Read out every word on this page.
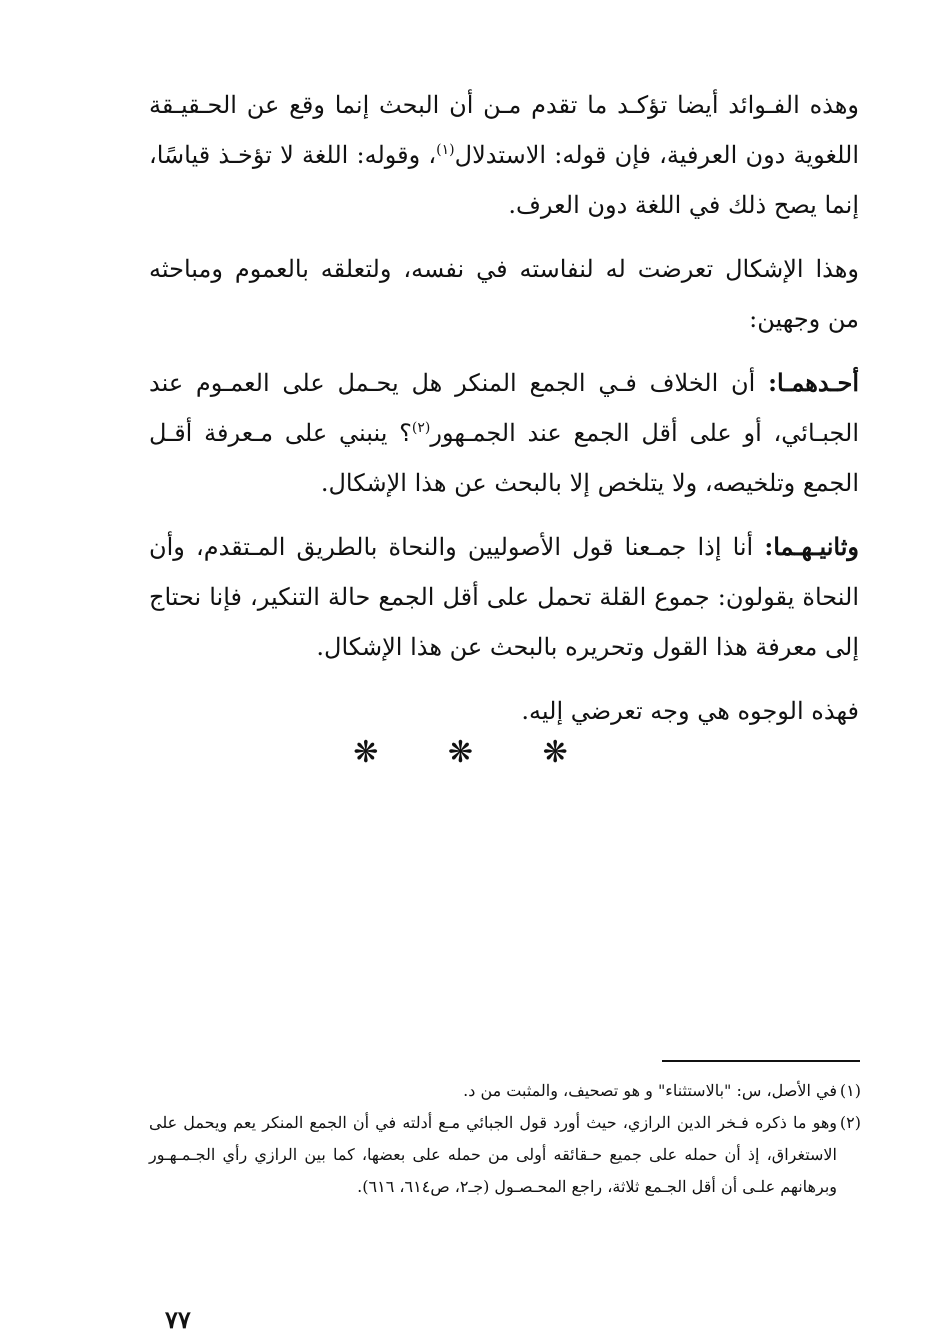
وهذه الفـوائد أيضا تؤكـد ما تقدم مـن أن البحث إنما وقع عن الحـقيـقة اللغوية دون العرفية، فإن قوله: الاستدلال$^{(١)}$، وقوله: اللغة لا تؤخـذ قياسًا، إنما يصح ذلك في اللغة دون العرف.

وهذا الإشكال تعرضت له لنفاسته في نفسه، ولتعلقه بالعموم ومباحثه من وجهين:

أحـدهمـا: أن الخلاف فـي الجمع المنكر هل يحـمل على العمـوم عند الجبـائي، أو على أقل الجمع عند الجمـهور$^{(٢)}$؟ ينبني على مـعرفة أقـل الجمع وتلخيصه، ولا يتلخص إلا بالبحث عن هذا الإشكال.

وثانيـهـما: أنا إذا جمـعنا قول الأصوليين والنحاة بالطريق المـتقدم، وأن النحاة يقولون: جموع القلة تحمل على أقل الجمع حالة التنكير، فإنا نحتاج إلى معرفة هذا القول وتحريره بالبحث عن هذا الإشكال.

فهذه الوجوه هي وجه تعرضي إليه.

❋ ❋ ❋

(١)
في الأصل، س: "بالاستثناء" و هو تصحيف، والمثبت من د.

(٢)
وهو ما ذكره فـخر الدين الرازي، حيث أورد قول الجبائي مـع أدلته في أن الجمع المنكر يعم ويحمل على الاستغراق، إذ أن حمله على جميع حـقائقه أولى من حمله على بعضها، كما بين الرازي رأي الجـمـهـور وبرهانهم علـى أن أقل الجـمع ثلاثة، راجع المحـصـول (جـ٢، ص٦١٤، ٦١٦).

٧٧
